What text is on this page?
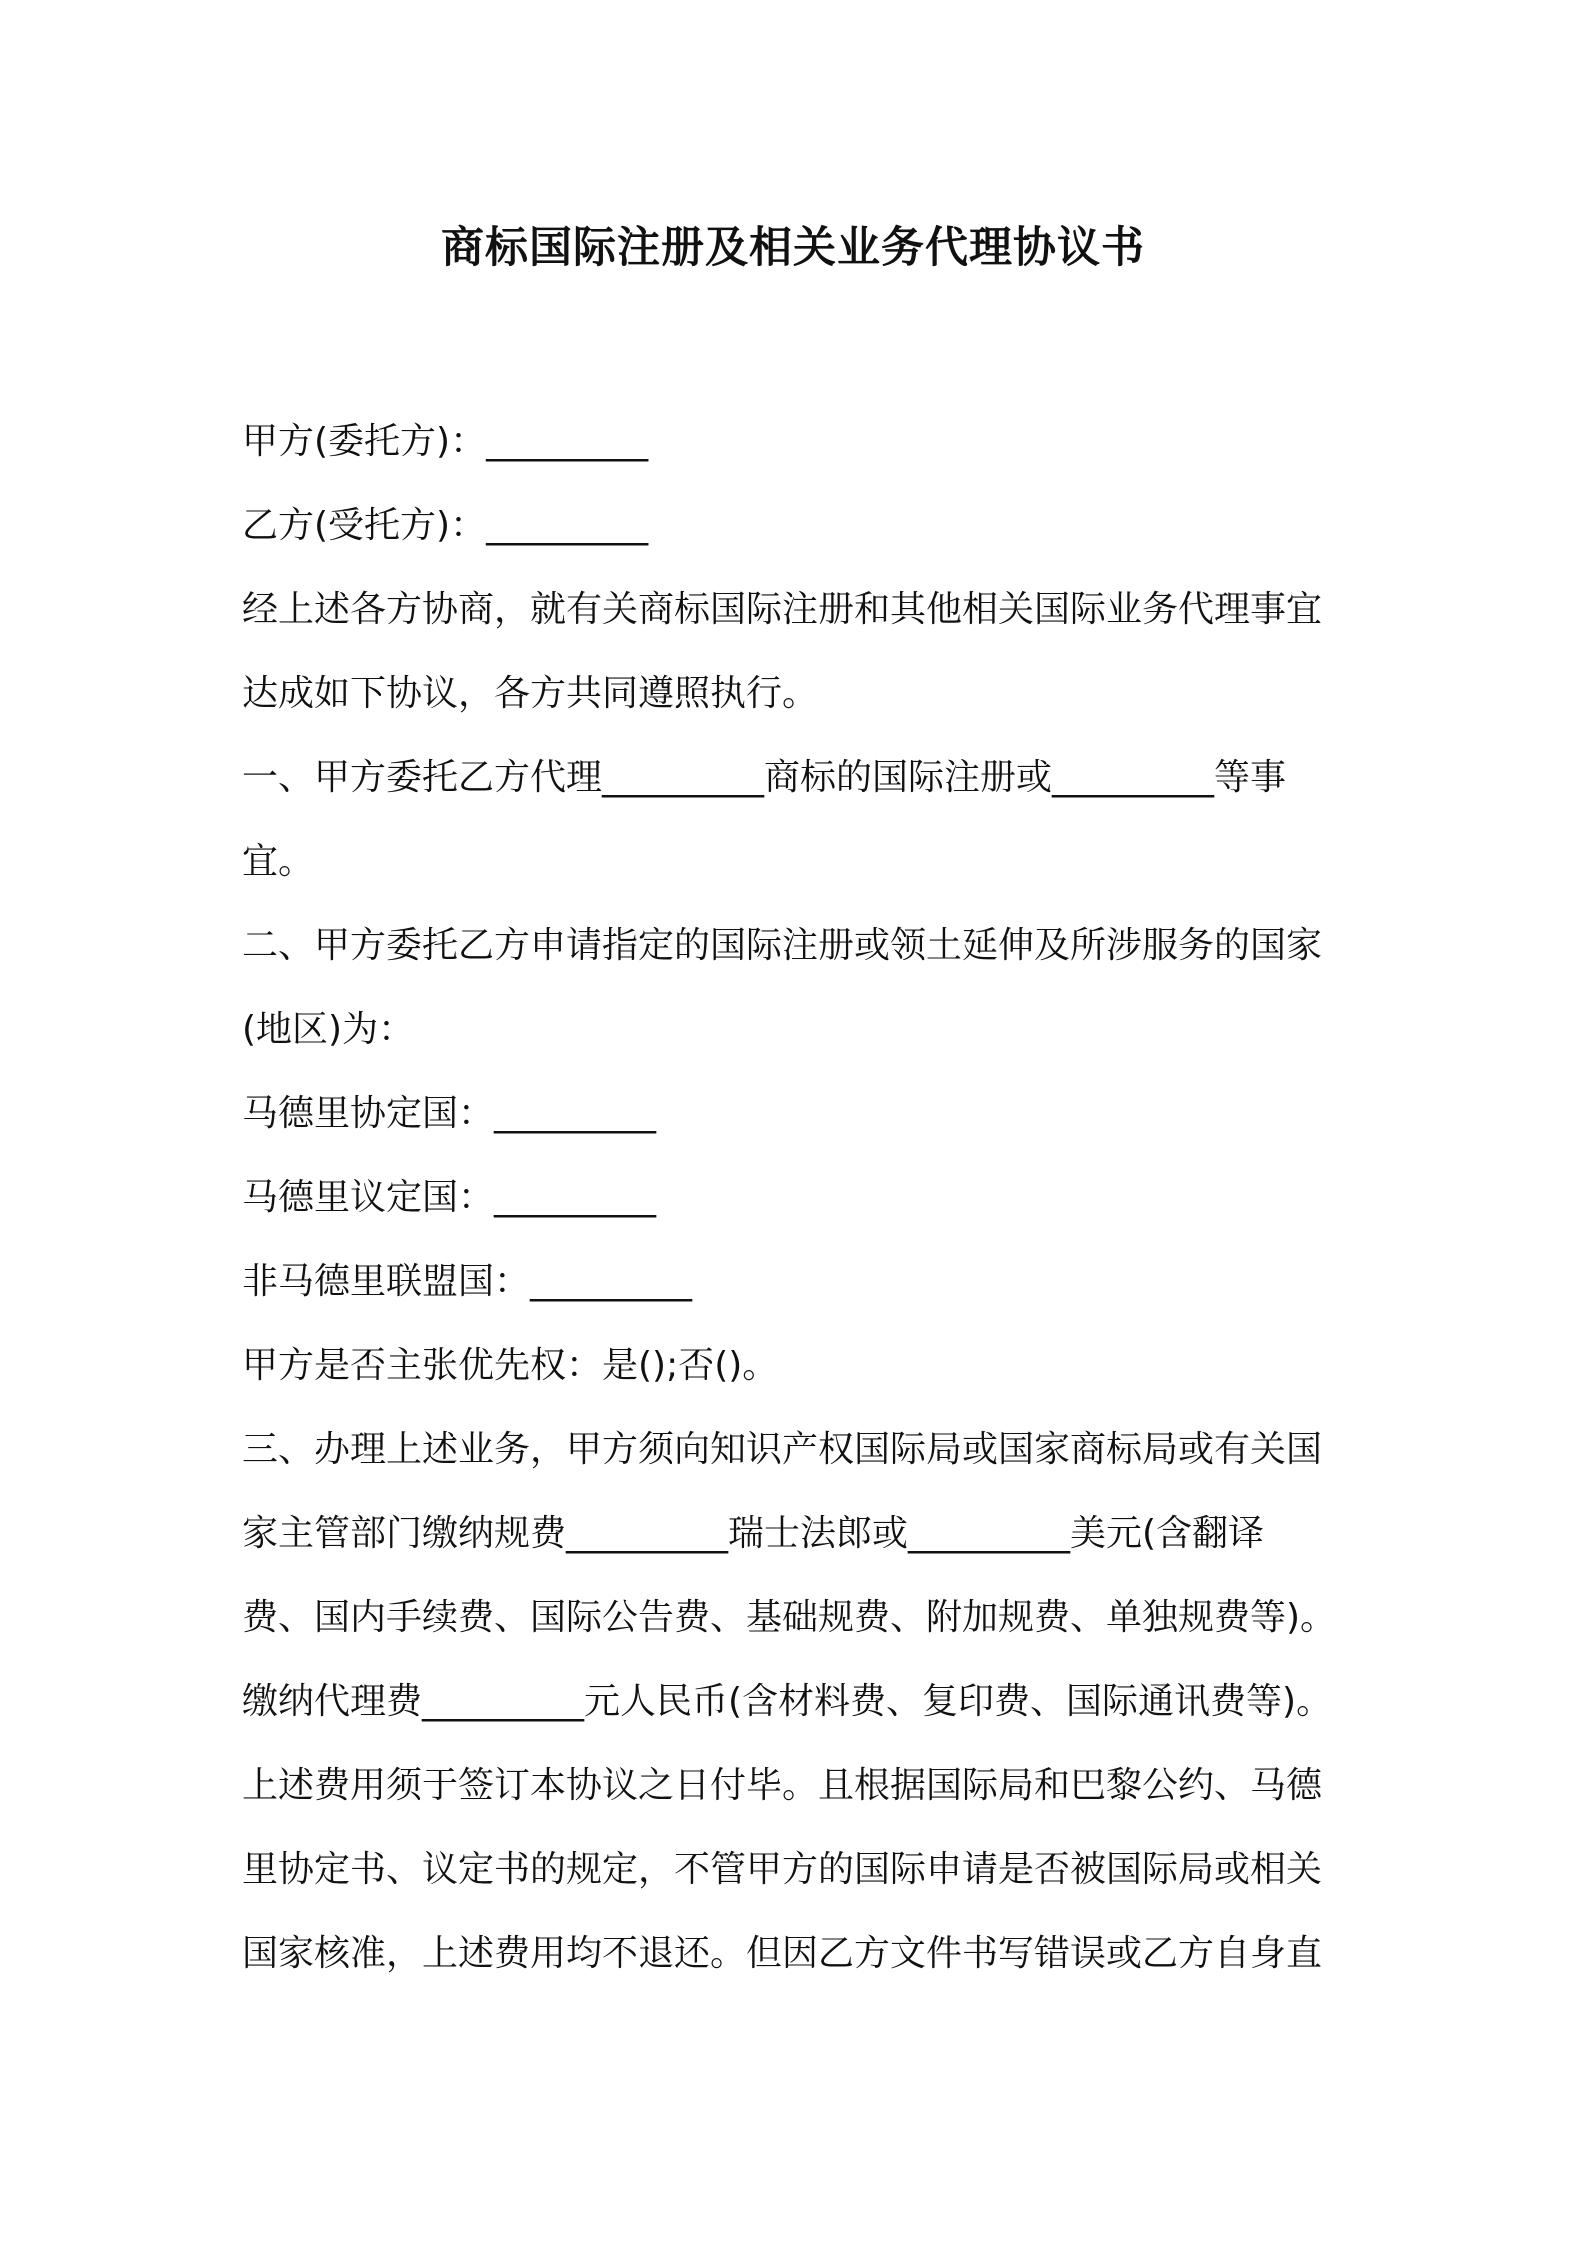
商标国际注册及相关业务代理协议书
甲方(委托方)：_________
乙方(受托方)：_________
经上述各方协商，就有关商标国际注册和其他相关国际业务代理事宜
达成如下协议，各方共同遵照执行。
一、甲方委托乙方代理_________商标的国际注册或_________等事
宜。
二、甲方委托乙方申请指定的国际注册或领土延伸及所涉服务的国家
(地区)为：
马德里协定国：_________
马德里议定国：_________
非马德里联盟国：_________
甲方是否主张优先权：是();否()。
三、办理上述业务，甲方须向知识产权国际局或国家商标局或有关国
家主管部门缴纳规费_________瑞士法郎或_________美元(含翻译
费、国内手续费、国际公告费、基础规费、附加规费、单独规费等)。
缴纳代理费_________元人民币(含材料费、复印费、国际通讯费等)。
上述费用须于签订本协议之日付毕。且根据国际局和巴黎公约、马德
里协定书、议定书的规定，不管甲方的国际申请是否被国际局或相关
国家核准，上述费用均不退还。但因乙方文件书写错误或乙方自身直
